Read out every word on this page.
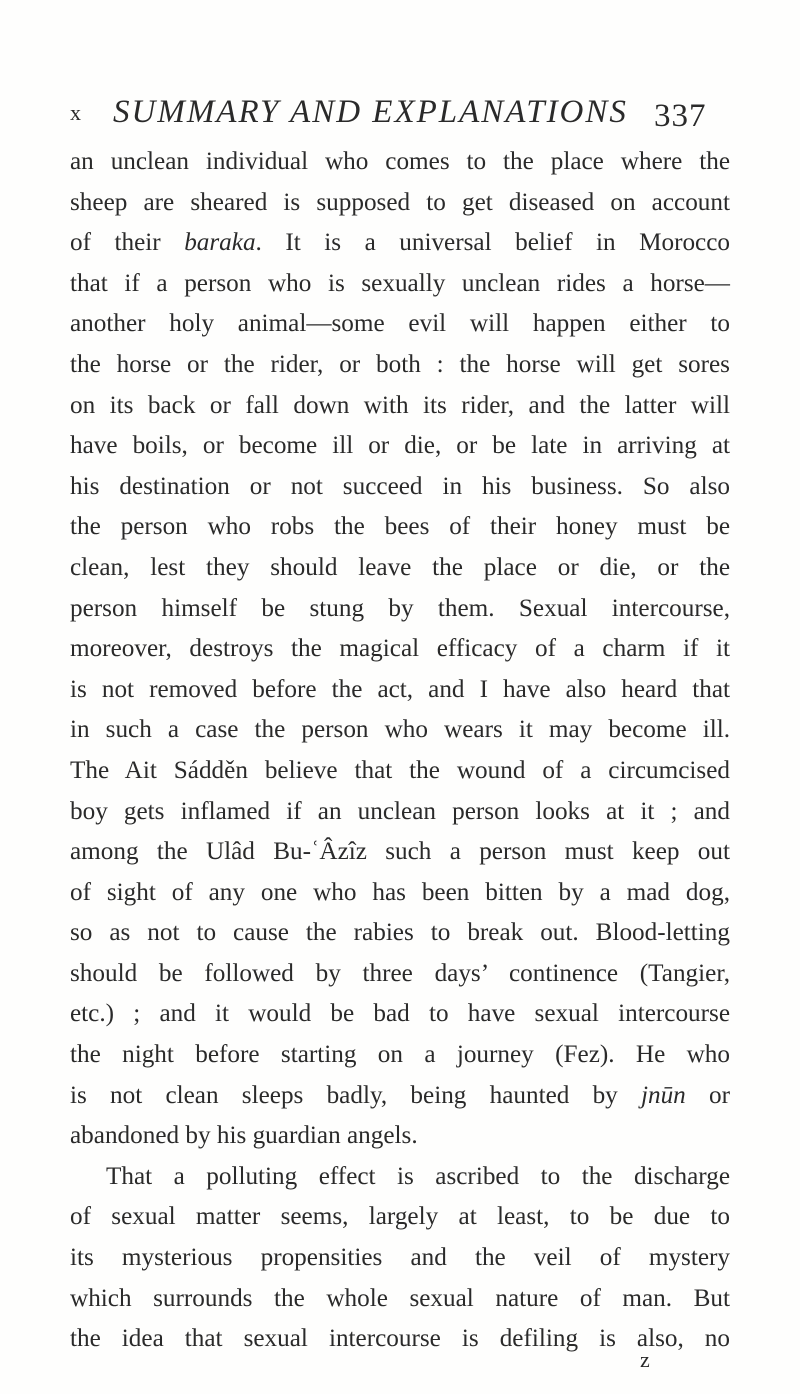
x SUMMARY AND EXPLANATIONS 337
an unclean individual who comes to the place where the
sheep are sheared is supposed to get diseased on account
of their baraka. It is a universal belief in Morocco
that if a person who is sexually unclean rides a horse—
another holy animal—some evil will happen either to
the horse or the rider, or both : the horse will get sores
on its back or fall down with its rider, and the latter will
have boils, or become ill or die, or be late in arriving at
his destination or not succeed in his business. So also
the person who robs the bees of their honey must be
clean, lest they should leave the place or die, or the
person himself be stung by them. Sexual intercourse,
moreover, destroys the magical efficacy of a charm if it
is not removed before the act, and I have also heard that
in such a case the person who wears it may become ill.
The Ait Sádděn believe that the wound of a circumcised
boy gets inflamed if an unclean person looks at it ; and
among the Ulâd Bu-ʿÂzîz such a person must keep out
of sight of any one who has been bitten by a mad dog,
so as not to cause the rabies to break out. Blood-letting
should be followed by three days’ continence (Tangier,
etc.) ; and it would be bad to have sexual intercourse
the night before starting on a journey (Fez). He who
is not clean sleeps badly, being haunted by jnūn or
abandoned by his guardian angels.
That a polluting effect is ascribed to the discharge
of sexual matter seems, largely at least, to be due to
its mysterious propensities and the veil of mystery
which surrounds the whole sexual nature of man. But
the idea that sexual intercourse is defiling is also, no
z
